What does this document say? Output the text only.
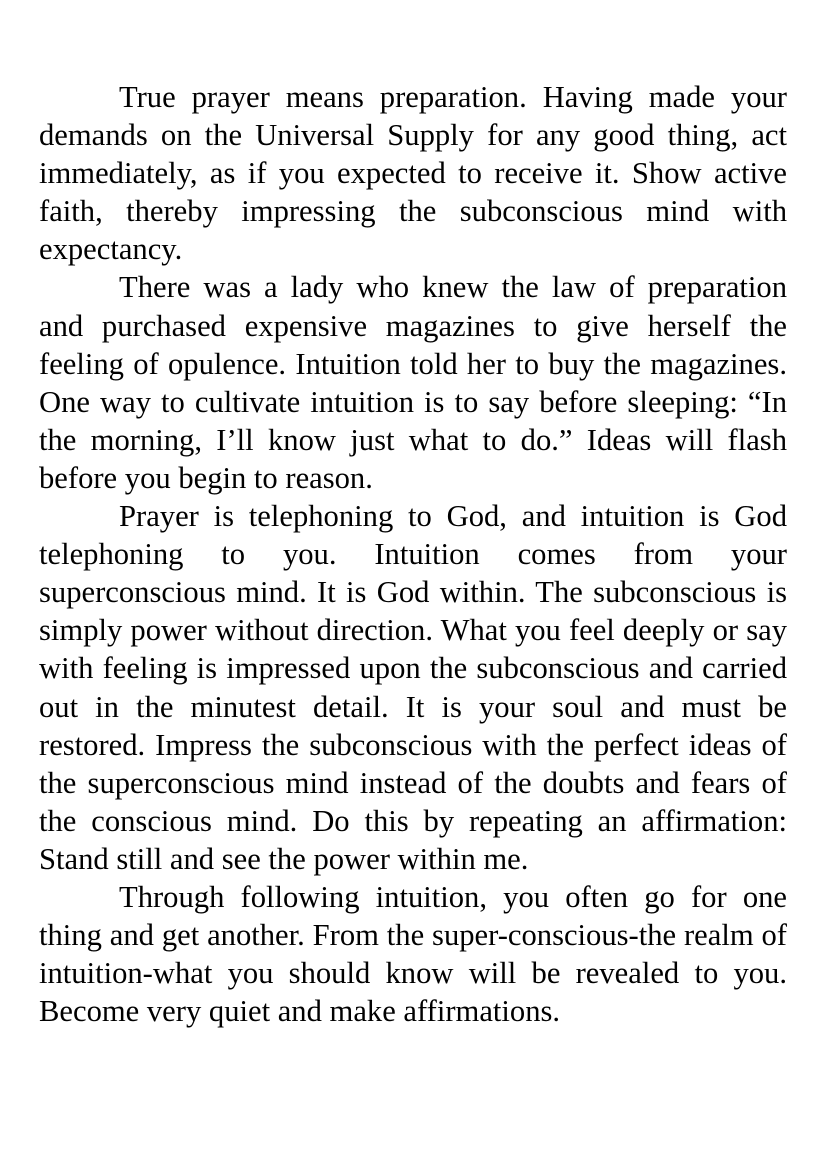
True prayer means preparation. Having made your demands on the Universal Supply for any good thing, act immediately, as if you expected to receive it. Show active faith, thereby impressing the subconscious mind with expectancy.

There was a lady who knew the law of preparation and purchased expensive magazines to give herself the feeling of opulence. Intuition told her to buy the magazines. One way to cultivate intuition is to say before sleeping: “In the morning, I’ll know just what to do.” Ideas will flash before you begin to reason.

Prayer is telephoning to God, and intuition is God telephoning to you. Intuition comes from your superconscious mind. It is God within. The subconscious is simply power without direction. What you feel deeply or say with feeling is impressed upon the subconscious and carried out in the minutest detail. It is your soul and must be restored. Impress the subconscious with the perfect ideas of the superconscious mind instead of the doubts and fears of the conscious mind. Do this by repeating an affirmation: Stand still and see the power within me.

Through following intuition, you often go for one thing and get another. From the super-conscious-the realm of intuition-what you should know will be revealed to you. Become very quiet and make affirmations.
